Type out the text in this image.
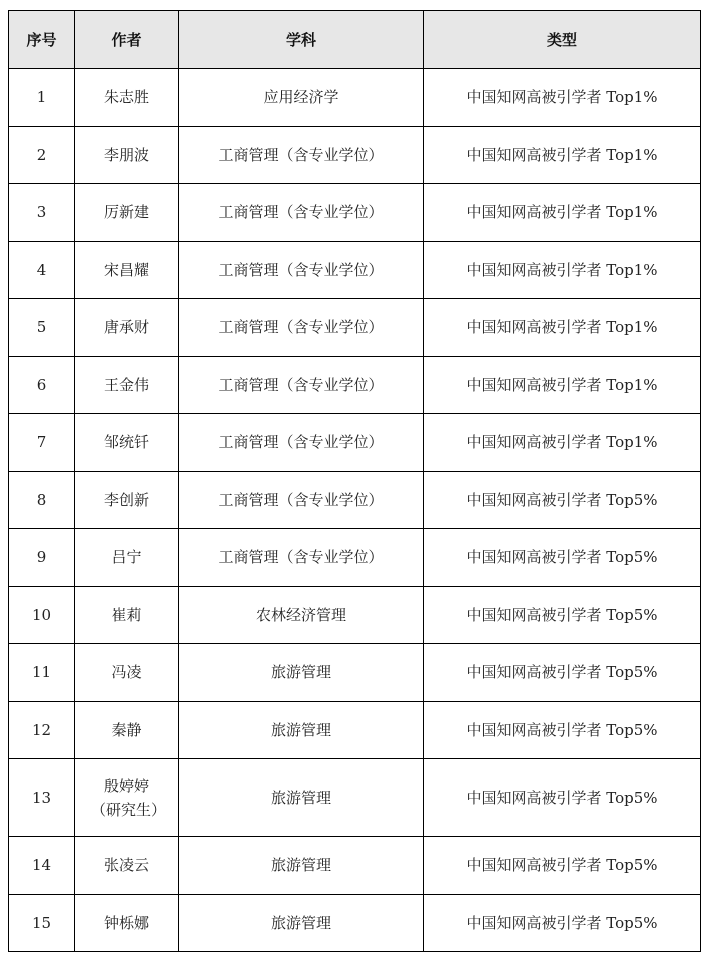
序号	作者	学科	类型
1	朱志胜	应用经济学	中国知网高被引学者 Top1%
2	李朋波	工商管理（含专业学位）	中国知网高被引学者 Top1%
3	厉新建	工商管理（含专业学位）	中国知网高被引学者 Top1%
4	宋昌耀	工商管理（含专业学位）	中国知网高被引学者 Top1%
5	唐承财	工商管理（含专业学位）	中国知网高被引学者 Top1%
6	王金伟	工商管理（含专业学位）	中国知网高被引学者 Top1%
7	邹统钎	工商管理（含专业学位）	中国知网高被引学者 Top1%
8	李创新	工商管理（含专业学位）	中国知网高被引学者 Top5%
9	吕宁	工商管理（含专业学位）	中国知网高被引学者 Top5%
10	崔莉	农林经济管理	中国知网高被引学者 Top5%
11	冯凌	旅游管理	中国知网高被引学者 Top5%
12	秦静	旅游管理	中国知网高被引学者 Top5%
13	殷婷婷（研究生）	旅游管理	中国知网高被引学者 Top5%
14	张凌云	旅游管理	中国知网高被引学者 Top5%
15	钟栎娜	旅游管理	中国知网高被引学者 Top5%
